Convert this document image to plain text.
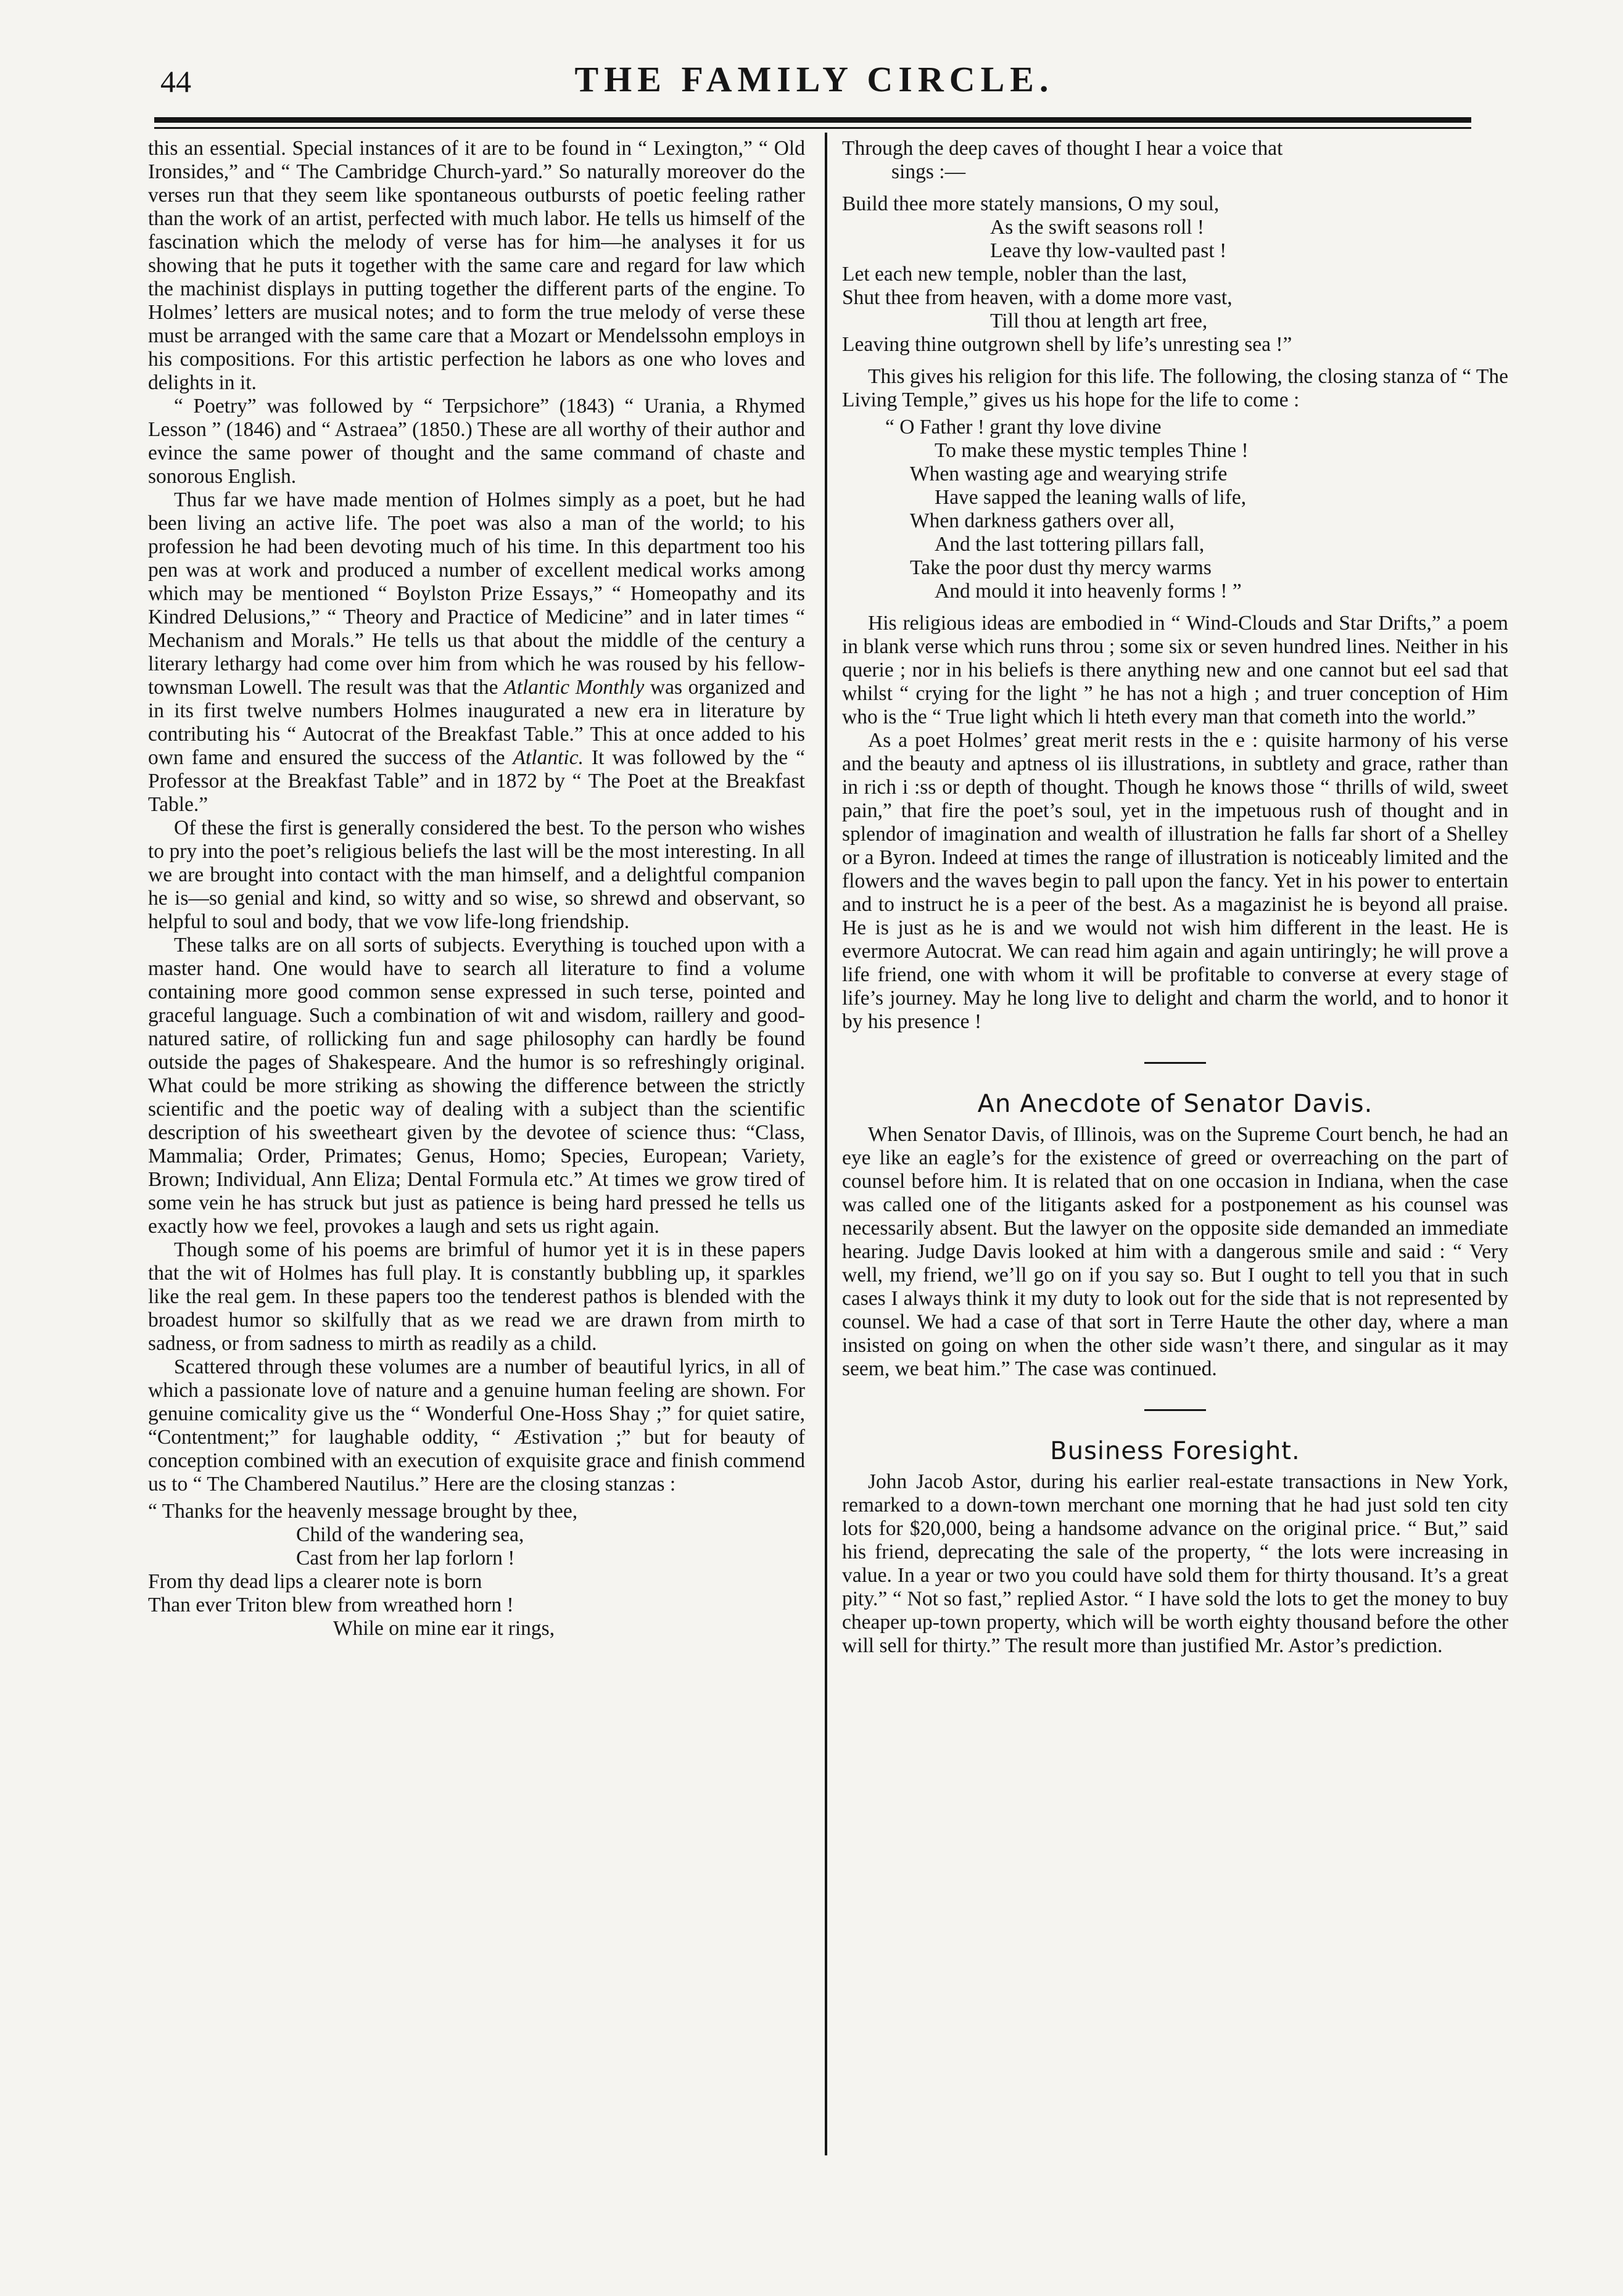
44	THE FAMILY CIRCLE.

this an essential. Special instances of it are to be found in “ Lexington,” “ Old Ironsides,” and “ The Cambridge Church-yard.” So naturally moreover do the verses run that they seem like spontaneous outbursts of poetic feeling rather than the work of an artist, perfected with much labor. He tells us himself of the fascination which the melody of verse has for him—he analyses it for us showing that he puts it together with the same care and regard for law which the machinist displays in putting together the different parts of the engine. To Holmes’ letters are musical notes; and to form the true melody of verse these must be arranged with the same care that a Mozart or Mendelssohn employs in his compositions. For this artistic perfection he labors as one who loves and delights in it.

“ Poetry” was followed by “ Terpsichore” (1843) “ Urania, a Rhymed Lesson ” (1846) and “ Astraea” (1850.) These are all worthy of their author and evince the same power of thought and the same command of chaste and sonorous English.

Thus far we have made mention of Holmes simply as a poet, but he had been living an active life. The poet was also a man of the world; to his profession he had been devoting much of his time. In this department too his pen was at work and produced a number of excellent medical works among which may be mentioned “ Boylston Prize Essays,” “ Homeopathy and its Kindred Delusions,” “ Theory and Practice of Medicine” and in later times “ Mechanism and Morals.” He tells us that about the middle of the century a literary lethargy had come over him from which he was roused by his fellow-townsman Lowell. The result was that the Atlantic Monthly was organized and in its first twelve numbers Holmes inaugurated a new era in literature by contributing his “ Autocrat of the Breakfast Table.” This at once added to his own fame and ensured the success of the Atlantic. It was followed by the “ Professor at the Breakfast Table” and in 1872 by “ The Poet at the Breakfast Table.”

Of these the first is generally considered the best. To the person who wishes to pry into the poet’s religious beliefs the last will be the most interesting. In all we are brought into contact with the man himself, and a delightful companion he is—so genial and kind, so witty and so wise, so shrewd and observant, so helpful to soul and body, that we vow life-long friendship.

These talks are on all sorts of subjects. Everything is touched upon with a master hand. One would have to search all literature to find a volume containing more good common sense expressed in such terse, pointed and graceful language. Such a combination of wit and wisdom, raillery and good-natured satire, of rollicking fun and sage philosophy can hardly be found outside the pages of Shakespeare. And the humor is so refreshingly original. What could be more striking as showing the difference between the strictly scientific and the poetic way of dealing with a subject than the scientific description of his sweetheart given by the devotee of science thus: “Class, Mammalia; Order, Primates; Genus, Homo; Species, European; Variety, Brown; Individual, Ann Eliza; Dental Formula etc.” At times we grow tired of some vein he has struck but just as patience is being hard pressed he tells us exactly how we feel, provokes a laugh and sets us right again.

Though some of his poems are brimful of humor yet it is in these papers that the wit of Holmes has full play. It is constantly bubbling up, it sparkles like the real gem. In these papers too the tenderest pathos is blended with the broadest humor so skilfully that as we read we are drawn from mirth to sadness, or from sadness to mirth as readily as a child.

Scattered through these volumes are a number of beautiful lyrics, in all of which a passionate love of nature and a genuine human feeling are shown. For genuine comicality give us the “ Wonderful One-Hoss Shay ;” for quiet satire, “Contentment;” for laughable oddity, “ Æstivation ;” but for beauty of conception combined with an execution of exquisite grace and finish commend us to “ The Chambered Nautilus.” Here are the closing stanzas :

“ Thanks for the heavenly message brought by thee,
Child of the wandering sea,
Cast from her lap forlorn !
From thy dead lips a clearer note is born
Than ever Triton blew from wreathed horn !
While on mine ear it rings,
Through the deep caves of thought I hear a voice that
sings :—
Build thee more stately mansions, O my soul,
As the swift seasons roll !
Leave thy low-vaulted past !
Let each new temple, nobler than the last,
Shut thee from heaven, with a dome more vast,
Till thou at length art free,
Leaving thine outgrown shell by life’s unresting sea !”

This gives his religion for this life. The following, the closing stanza of “ The Living Temple,” gives us his hope for the life to come :

“ O Father ! grant thy love divine
To make these mystic temples Thine !
When wasting age and wearying strife
Have sapped the leaning walls of life,
When darkness gathers over all,
And the last tottering pillars fall,
Take the poor dust thy mercy warms
And mould it into heavenly forms ! ”

His religious ideas are embodied in “ Wind-Clouds and Star Drifts,” a poem in blank verse which runs throu ; some six or seven hundred lines. Neither in his querie ; nor in his beliefs is there anything new and one cannot but eel sad that whilst “ crying for the light ” he has not a high ; and truer conception of Him who is the “ True light which li hteth every man that cometh into the world.”

As a poet Holmes’ great merit rests in the e : quisite harmony of his verse and the beauty and aptness ol iis illustrations, in subtlety and grace, rather than in rich i :ss or depth of thought. Though he knows those “ thrills of wild, sweet pain,” that fire the poet’s soul, yet in the impetuous rush of thought and in splendor of imagination and wealth of illustration he falls far short of a Shelley or a Byron. Indeed at times the range of illustration is noticeably limited and the flowers and the waves begin to pall upon the fancy. Yet in his power to entertain and to instruct he is a peer of the best. As a magazinist he is beyond all praise. He is just as he is and we would not wish him different in the least. He is evermore Autocrat. We can read him again and again untiringly; he will prove a life friend, one with whom it will be profitable to converse at every stage of life’s journey. May he long live to delight and charm the world, and to honor it by his presence !

An Anecdote of Senator Davis.

When Senator Davis, of Illinois, was on the Supreme Court bench, he had an eye like an eagle’s for the existence of greed or overreaching on the part of counsel before him. It is related that on one occasion in Indiana, when the case was called one of the litigants asked for a postponement as his counsel was necessarily absent. But the lawyer on the opposite side demanded an immediate hearing. Judge Davis looked at him with a dangerous smile and said : “ Very well, my friend, we’ll go on if you say so. But I ought to tell you that in such cases I always think it my duty to look out for the side that is not represented by counsel. We had a case of that sort in Terre Haute the other day, where a man insisted on going on when the other side wasn’t there, and singular as it may seem, we beat him.” The case was continued.

Business Foresight.

John Jacob Astor, during his earlier real-estate transactions in New York, remarked to a down-town merchant one morning that he had just sold ten city lots for $20,000, being a handsome advance on the original price. “ But,” said his friend, deprecating the sale of the property, “ the lots were increasing in value. In a year or two you could have sold them for thirty thousand. It’s a great pity.” “ Not so fast,” replied Astor. “ I have sold the lots to get the money to buy cheaper up-town property, which will be worth eighty thousand before the other will sell for thirty.” The result more than justified Mr. Astor’s prediction.
